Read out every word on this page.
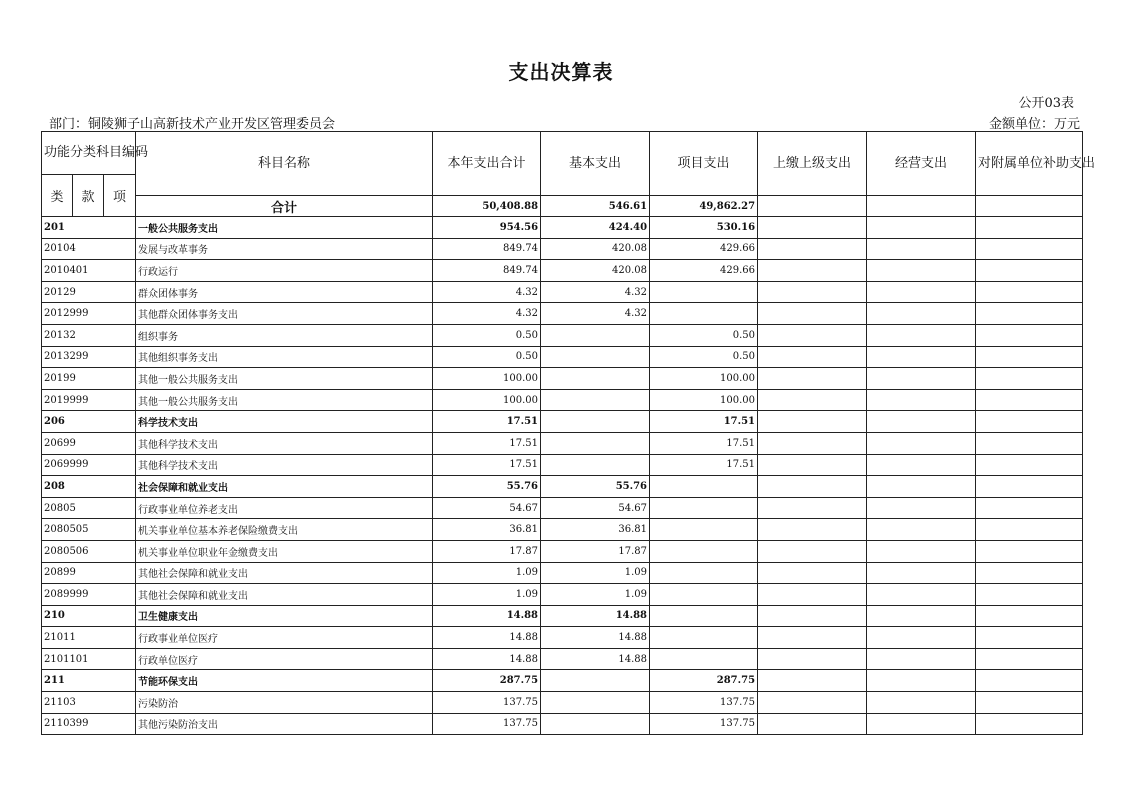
支出决算表
公开03表
部门：铜陵狮子山高新技术产业开发区管理委员会	金额单位：万元
功能分类科目编码			科目名称	本年支出合计	基本支出	项目支出	上缴上级支出	经营支出	对附属单位补助支出	
类	款	项							
			合计	50,408.88	546.61	49,862.27				
201			一般公共服务支出	954.56	424.40	530.16				
20104			发展与改革事务	849.74	420.08	429.66				
2010401			行政运行	849.74	420.08	429.66				
20129			群众团体事务	4.32	4.32					
2012999			其他群众团体事务支出	4.32	4.32					
20132			组织事务	0.50		0.50				
2013299			其他组织事务支出	0.50		0.50				
20199			其他一般公共服务支出	100.00		100.00				
2019999			其他一般公共服务支出	100.00		100.00				
206			科学技术支出	17.51		17.51				
20699			其他科学技术支出	17.51		17.51				
2069999			其他科学技术支出	17.51		17.51				
208			社会保障和就业支出	55.76	55.76					
20805			行政事业单位养老支出	54.67	54.67					
2080505			机关事业单位基本养老保险缴费支出	36.81	36.81					
2080506			机关事业单位职业年金缴费支出	17.87	17.87					
20899			其他社会保障和就业支出	1.09	1.09					
2089999			其他社会保障和就业支出	1.09	1.09					
210			卫生健康支出	14.88	14.88					
21011			行政事业单位医疗	14.88	14.88					
2101101			行政单位医疗	14.88	14.88					
211			节能环保支出	287.75		287.75				
21103			污染防治	137.75		137.75				
2110399			其他污染防治支出	137.75		137.75				
